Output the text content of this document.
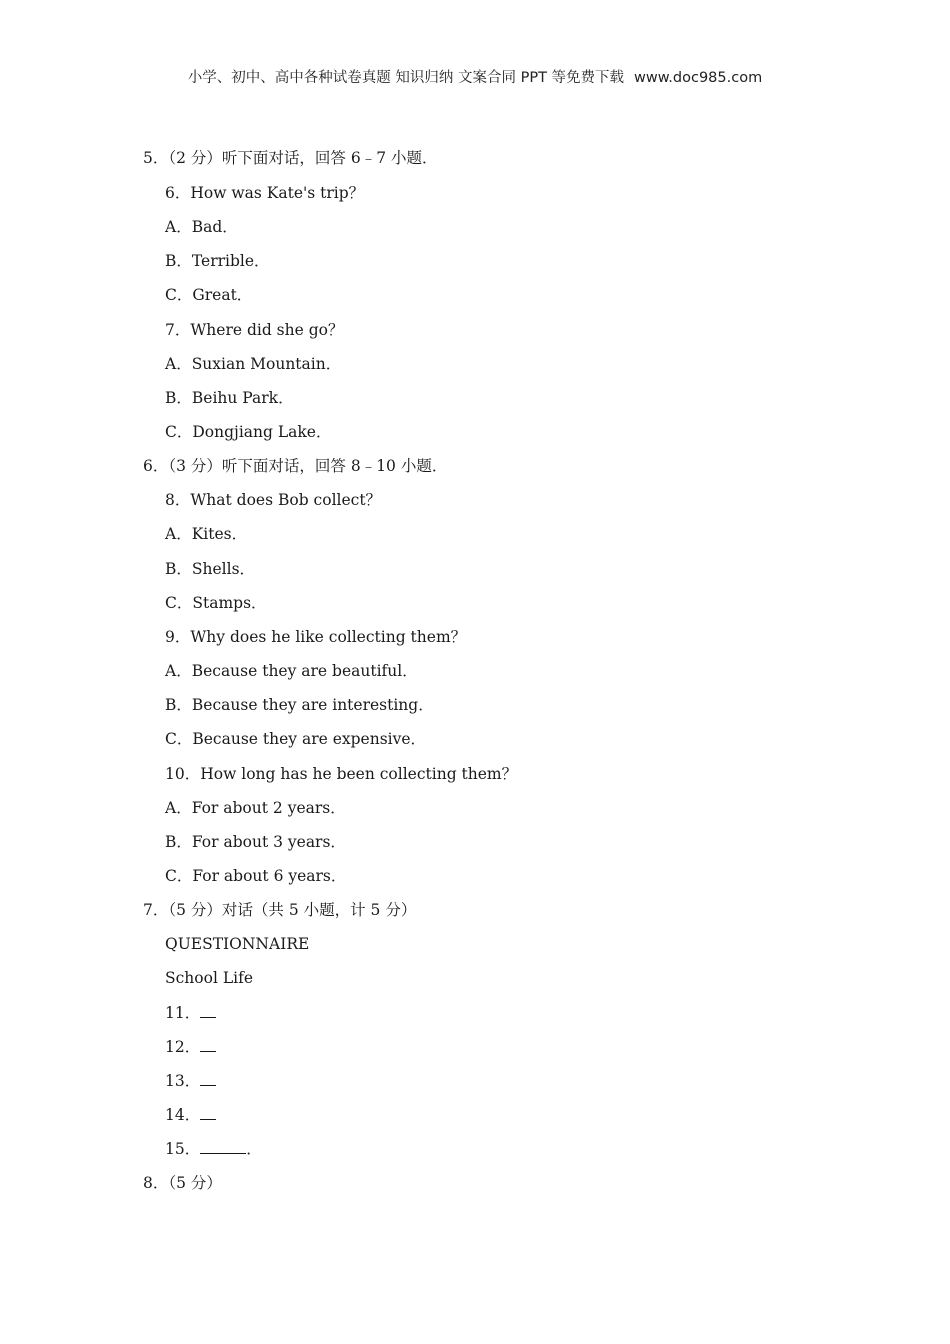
小学、初中、高中各种试卷真题 知识归纳 文案合同 PPT 等免费下载 www.doc985.com
5．（2 分）听下面对话，回答 6﹣7 小题．
6．How was Kate's trip？
A．Bad．
B．Terrible．
C．Great．
7．Where did she go？
A．Suxian Mountain．
B．Beihu Park．
C．Dongjiang Lake．
6．（3 分）听下面对话，回答 8﹣10 小题．
8．What does Bob collect？
A．Kites．
B．Shells．
C．Stamps．
9．Why does he like collecting them？
A．Because they are beautiful．
B．Because they are interesting．
C．Because they are expensive．
10．How long has he been collecting them？
A．For about 2 years．
B．For about 3 years．
C．For about 6 years．
7．（5 分）对话（共 5 小题，计 5 分）
QUESTIONNAIRE
School Life
11．
12．
13．
14．
15．	．
8．（5 分）
